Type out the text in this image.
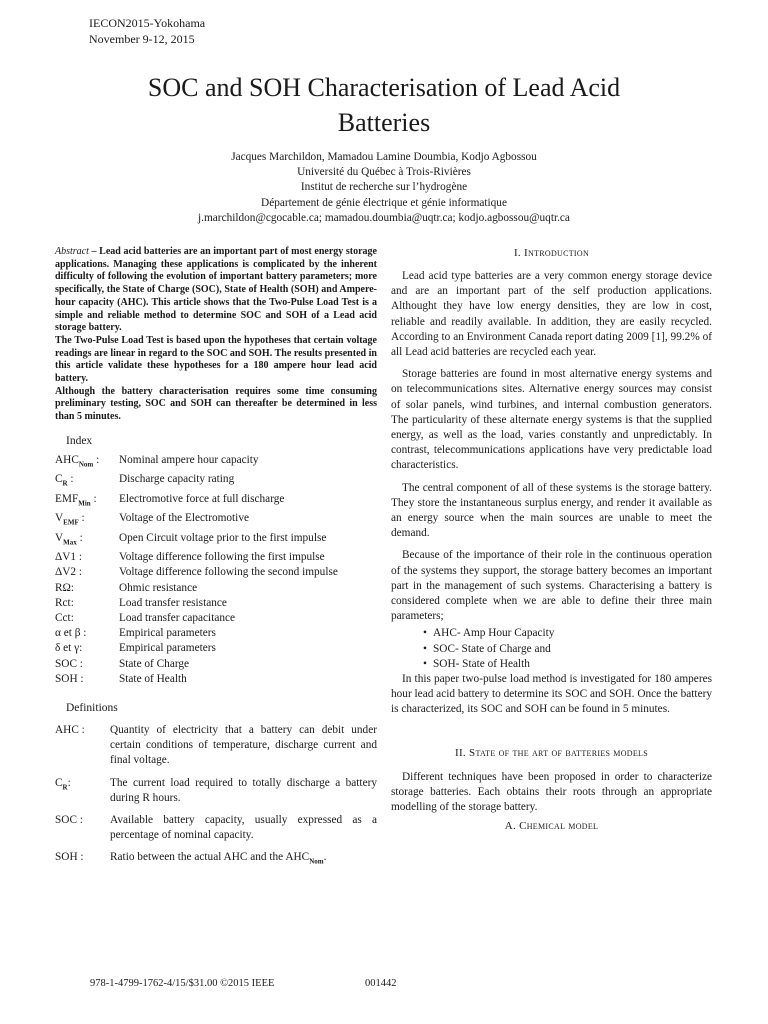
IECON2015-Yokohama
November 9-12, 2015
SOC and SOH Characterisation of Lead Acid
Batteries
Jacques Marchildon, Mamadou Lamine Doumbia, Kodjo Agbossou
Université du Québec à Trois-Rivières
Institut de recherche sur l’hydrogène
Département de génie électrique et génie informatique
j.marchildon@cgocable.ca; mamadou.doumbia@uqtr.ca; kodjo.agbossou@uqtr.ca

Abstract – Lead acid batteries are an important part of most energy storage applications. Managing these applications is complicated by the inherent difficulty of following the evolution of important battery parameters; more specifically, the State of Charge (SOC), State of Health (SOH) and Ampere-hour capacity (AHC). This article shows that the Two-Pulse Load Test is a simple and reliable method to determine SOC and SOH of a Lead acid storage battery.

The Two-Pulse Load Test is based upon the hypotheses that certain voltage readings are linear in regard to the SOC and SOH. The results presented in this article validate these hypotheses for a 180 ampere hour lead acid battery.

Although the battery characterisation requires some time consuming preliminary testing, SOC and SOH can thereafter be determined in less than 5 minutes.

Index
$AHC_{Nom}$ :	Nominal ampere hour capacity
$C_R$ :	Discharge capacity rating
$EMF_{Min}$ :	Electromotive force at full discharge
$V_{EMF}$ :	Voltage of the Electromotive
$V_{Max}$ :	Open Circuit voltage prior to the first impulse
ΔV1 :	Voltage difference following the first impulse
ΔV2 :	Voltage difference following the second impulse
RΩ:	Ohmic resistance
Rct:	Load transfer resistance
Cct:	Load transfer capacitance
α et β :	Empirical parameters
δ et γ:	Empirical parameters
SOC :	State of Charge
SOH :	State of Health
Definitions
AHC :	Quantity of electricity that a battery can debit under certain conditions of temperature, discharge current and final voltage.
$C_R$:	The current load required to totally discharge a battery during R hours.
SOC :	Available battery capacity, usually expressed as a percentage of nominal capacity.
SOH :	Ratio between the actual AHC and the $AHC_{Nom}$.
I. Introduction

Lead acid type batteries are a very common energy storage device and are an important part of the self production applications. Althought they have low energy densities, they are low in cost, reliable and readily available. In addition, they are easily recycled. According to an Environment Canada report dating 2009 [1], 99.2% of all Lead acid batteries are recycled each year.

Storage batteries are found in most alternative energy systems and on telecommunications sites. Alternative energy sources may consist of solar panels, wind turbines, and internal combustion generators. The particularity of these alternate energy systems is that the supplied energy, as well as the load, varies constantly and unpredictably. In contrast, telecommunications applications have very predictable load characteristics.

The central component of all of these systems is the storage battery. They store the instantaneous surplus energy, and render it available as an energy source when the main sources are unable to meet the demand.

Because of the importance of their role in the continuous operation of the systems they support, the storage battery becomes an important part in the management of such systems. Characterising a battery is considered complete when we are able to define their three main parameters;

• AHC- Amp Hour Capacity
• SOC- State of Charge and
• SOH- State of Health

In this paper two-pulse load method is investigated for 180 amperes hour lead acid battery to determine its SOC and SOH. Once the battery is characterized, its SOC and SOH can be found in 5 minutes.

II. State of the art of batteries models

Different techniques have been proposed in order to characterize storage batteries. Each obtains their roots through an appropriate modelling of the storage battery.

A. Chemical model
978-1-4799-1762-4/15/$31.00 ©2015 IEEE	001442
